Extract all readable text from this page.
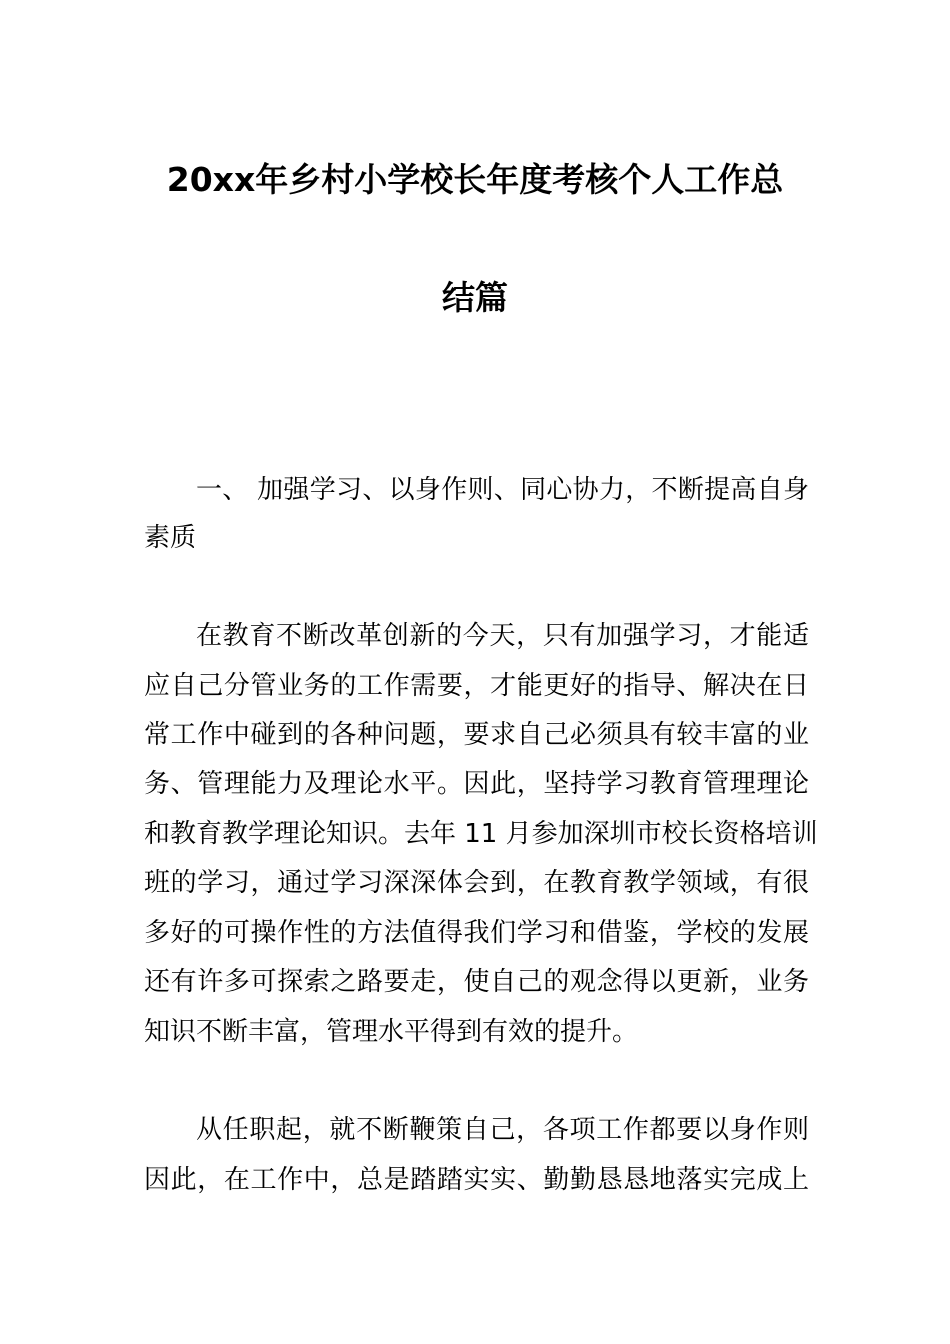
20xx年乡村小学校长年度考核个人工作总
结篇
一、 加强学习、以身作则、同心协力，不断提高自身
素质
在教育不断改革创新的今天，只有加强学习，才能适
应自己分管业务的工作需要，才能更好的指导、解决在日
常工作中碰到的各种问题，要求自己必须具有较丰富的业
务、管理能力及理论水平。因此，坚持学习教育管理理论
和教育教学理论知识。去年 11 月参加深圳市校长资格培训
班的学习，通过学习深深体会到，在教育教学领域，有很
多好的可操作性的方法值得我们学习和借鉴，学校的发展
还有许多可探索之路要走，使自己的观念得以更新，业务
知识不断丰富，管理水平得到有效的提升。
从任职起，就不断鞭策自己，各项工作都要以身作则
因此，在工作中，总是踏踏实实、勤勤恳恳地落实完成上
